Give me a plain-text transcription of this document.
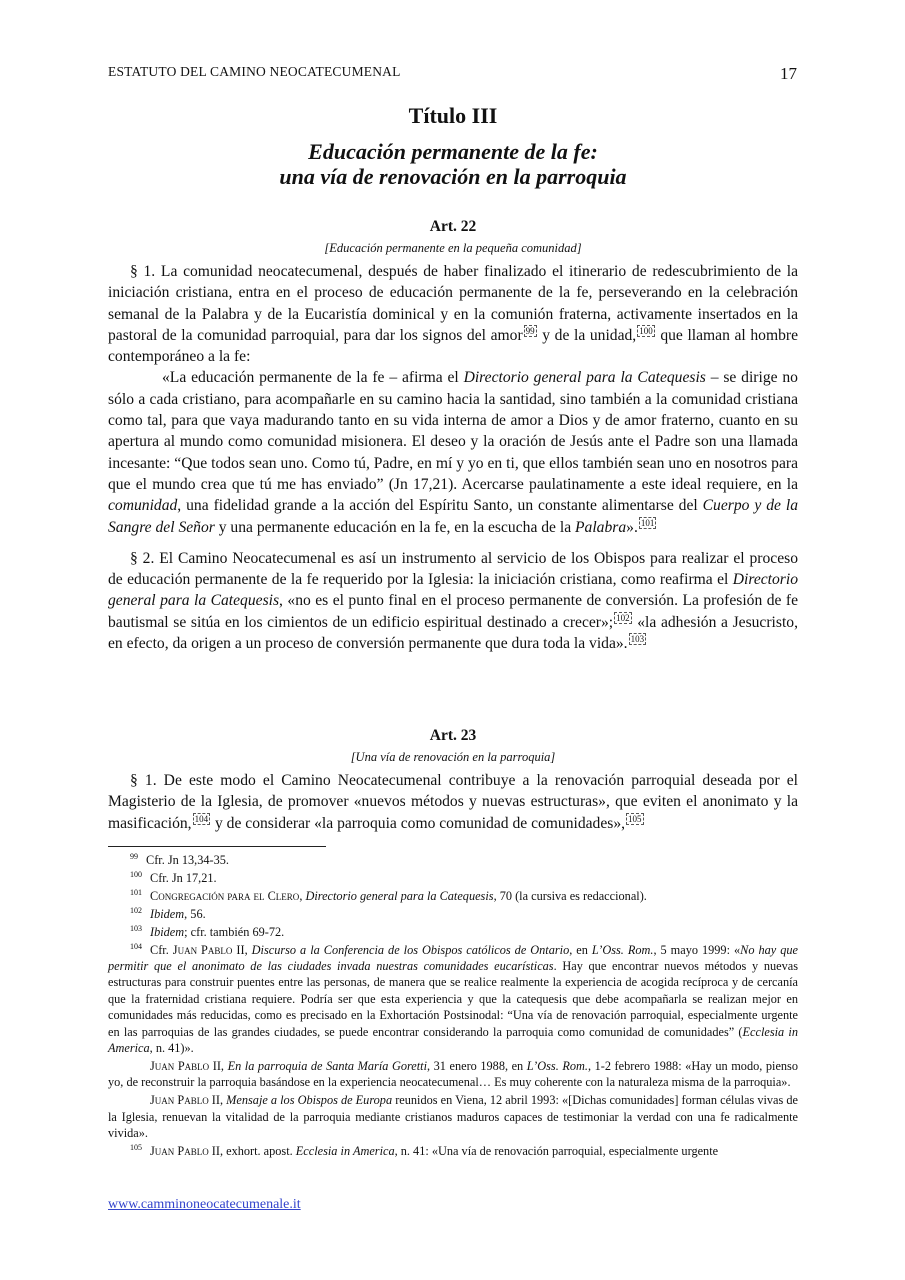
ESTATUTO DEL CAMINO NEOCATECUMENAL	17
Título III
Educación permanente de la fe:
una vía de renovación en la parroquia
Art. 22
[Educación permanente en la pequeña comunidad]
§ 1. La comunidad neocatecumenal, después de haber finalizado el itinerario de redescubrimiento de la iniciación cristiana, entra en el proceso de educación permanente de la fe, perseverando en la celebración semanal de la Palabra y de la Eucaristía dominical y en la comunión fraterna, activamente insertados en la pastoral de la comunidad parroquial, para dar los signos del amor $^{99}$ y de la unidad, $^{100}$ que llaman al hombre contemporáneo a la fe:
«La educación permanente de la fe – afirma el Directorio general para la Catequesis – se dirige no sólo a cada cristiano, para acompañarle en su camino hacia la santidad, sino también a la comunidad cristiana como tal, para que vaya madurando tanto en su vida interna de amor a Dios y de amor fraterno, cuanto en su apertura al mundo como comunidad misionera. El deseo y la oración de Jesús ante el Padre son una llamada incesante: “Que todos sean uno. Como tú, Padre, en mí y yo en ti, que ellos también sean uno en nosotros para que el mundo crea que tú me has enviado” (Jn 17,21). Acercarse paulatinamente a este ideal requiere, en la comunidad, una fidelidad grande a la acción del Espíritu Santo, un constante alimentarse del Cuerpo y de la Sangre del Señor y una permanente educación en la fe, en la escucha de la Palabra». $^{101}$
§ 2. El Camino Neocatecumenal es así un instrumento al servicio de los Obispos para realizar el proceso de educación permanente de la fe requerido por la Iglesia: la iniciación cristiana, como reafirma el Directorio general para la Catequesis, «no es el punto final en el proceso permanente de conversión. La profesión de fe bautismal se sitúa en los cimientos de un edificio espiritual destinado a crecer»; $^{102}$ «la adhesión a Jesucristo, en efecto, da origen a un proceso de conversión permanente que dura toda la vida». $^{103}$
Art. 23
[Una vía de renovación en la parroquia]
§ 1. De este modo el Camino Neocatecumenal contribuye a la renovación parroquial deseada por el Magisterio de la Iglesia, de promover «nuevos métodos y nuevas estructuras», que eviten el anonimato y la masificación, $^{104}$ y de considerar «la parroquia como comunidad de comunidades», $^{105}$
$^{99}$ Cfr. Jn 13,34-35.
$^{100}$ Cfr. Jn 17,21.
$^{101}$ Congregación para el Clero, Directorio general para la Catequesis, 70 (la cursiva es redaccional).
$^{102}$ Ibidem, 56.
$^{103}$ Ibidem; cfr. también 69-72.
$^{104}$ Cfr. Juan Pablo II, Discurso a la Conferencia de los Obispos católicos de Ontario, en L’Oss. Rom., 5 mayo 1999: «No hay que permitir que el anonimato de las ciudades invada nuestras comunidades eucarísticas. Hay que encontrar nuevos métodos y nuevas estructuras para construir puentes entre las personas, de manera que se realice realmente la experiencia de acogida recíproca y de cercanía que la fraternidad cristiana requiere. Podría ser que esta experiencia y que la catequesis que debe acompañarla se realizan mejor en comunidades más reducidas, como es precisado en la Exhortación Postsinodal: “Una vía de renovación parroquial, especialmente urgente en las parroquias de las grandes ciudades, se puede encontrar considerando la parroquia como comunidad de comunidades” (Ecclesia in America, n. 41)».
Juan Pablo II, En la parroquia de Santa María Goretti, 31 enero 1988, en L’Oss. Rom., 1-2 febrero 1988: «Hay un modo, pienso yo, de reconstruir la parroquia basándose en la experiencia neocatecumenal… Es muy coherente con la naturaleza misma de la parroquia».
Juan Pablo II, Mensaje a los Obispos de Europa reunidos en Viena, 12 abril 1993: «[Dichas comunidades] forman células vivas de la Iglesia, renuevan la vitalidad de la parroquia mediante cristianos maduros capaces de testimoniar la verdad con una fe radicalmente vivida».
$^{105}$ Juan Pablo II, exhort. apost. Ecclesia in America, n. 41: «Una vía de renovación parroquial, especialmente urgente
www.camminoneocatecumenale.it
